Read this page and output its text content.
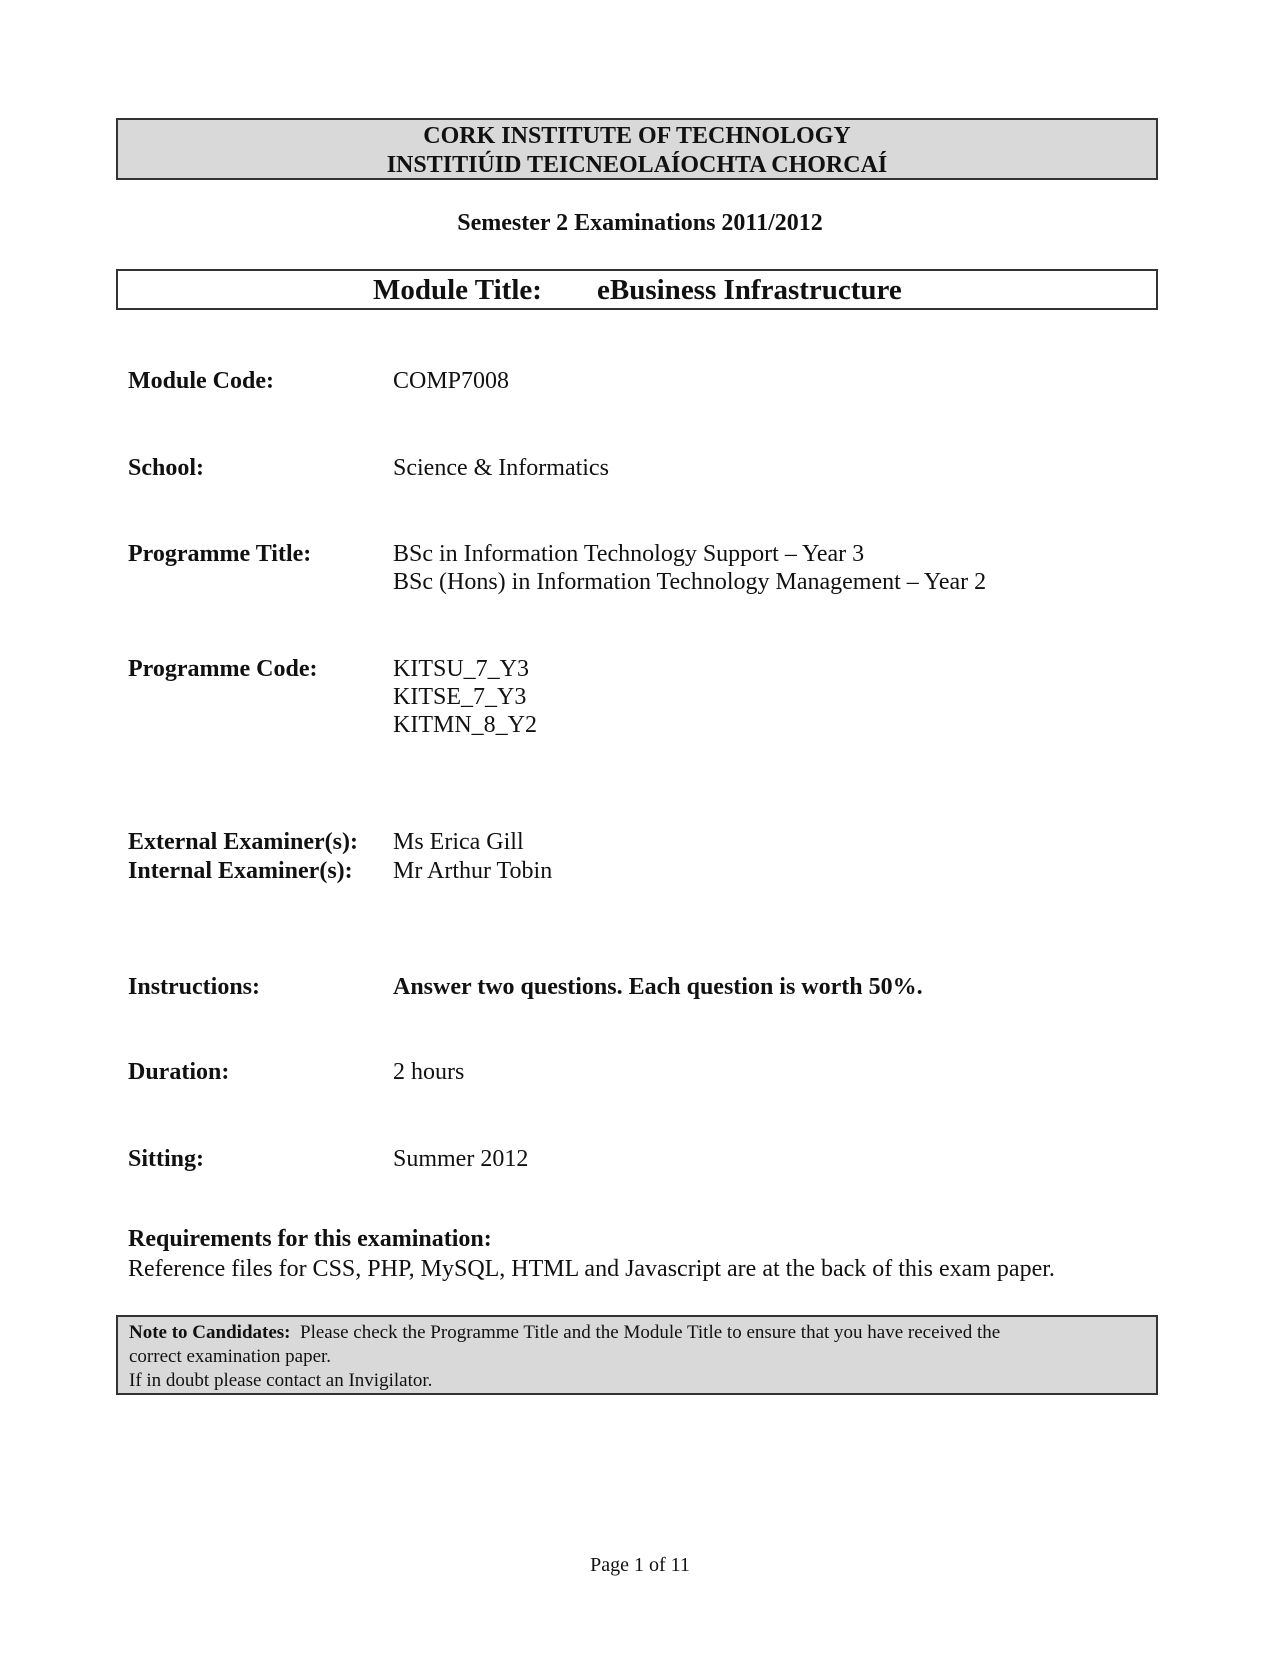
CORK INSTITUTE OF TECHNOLOGY
INSTITIÚID TEICNEOLAÍOCHTA CHORCAÍ
Semester 2 Examinations 2011/2012
Module Title: eBusiness Infrastructure
Module Code:	COMP7008
School:	Science & Informatics
Programme Title:	BSc in Information Technology Support – Year 3
BSc (Hons) in Information Technology Management – Year 2
Programme Code:	KITSU_7_Y3
KITSE_7_Y3
KITMN_8_Y2
External Examiner(s):	Ms Erica Gill
Internal Examiner(s):	Mr Arthur Tobin
Instructions:	Answer two questions. Each question is worth 50%.
Duration:	2 hours
Sitting:	Summer 2012
Requirements for this examination:
Reference files for CSS, PHP, MySQL, HTML and Javascript are at the back of this exam paper.
Note to Candidates: Please check the Programme Title and the Module Title to ensure that you have received the
correct examination paper.
If in doubt please contact an Invigilator.
Page 1 of 11
